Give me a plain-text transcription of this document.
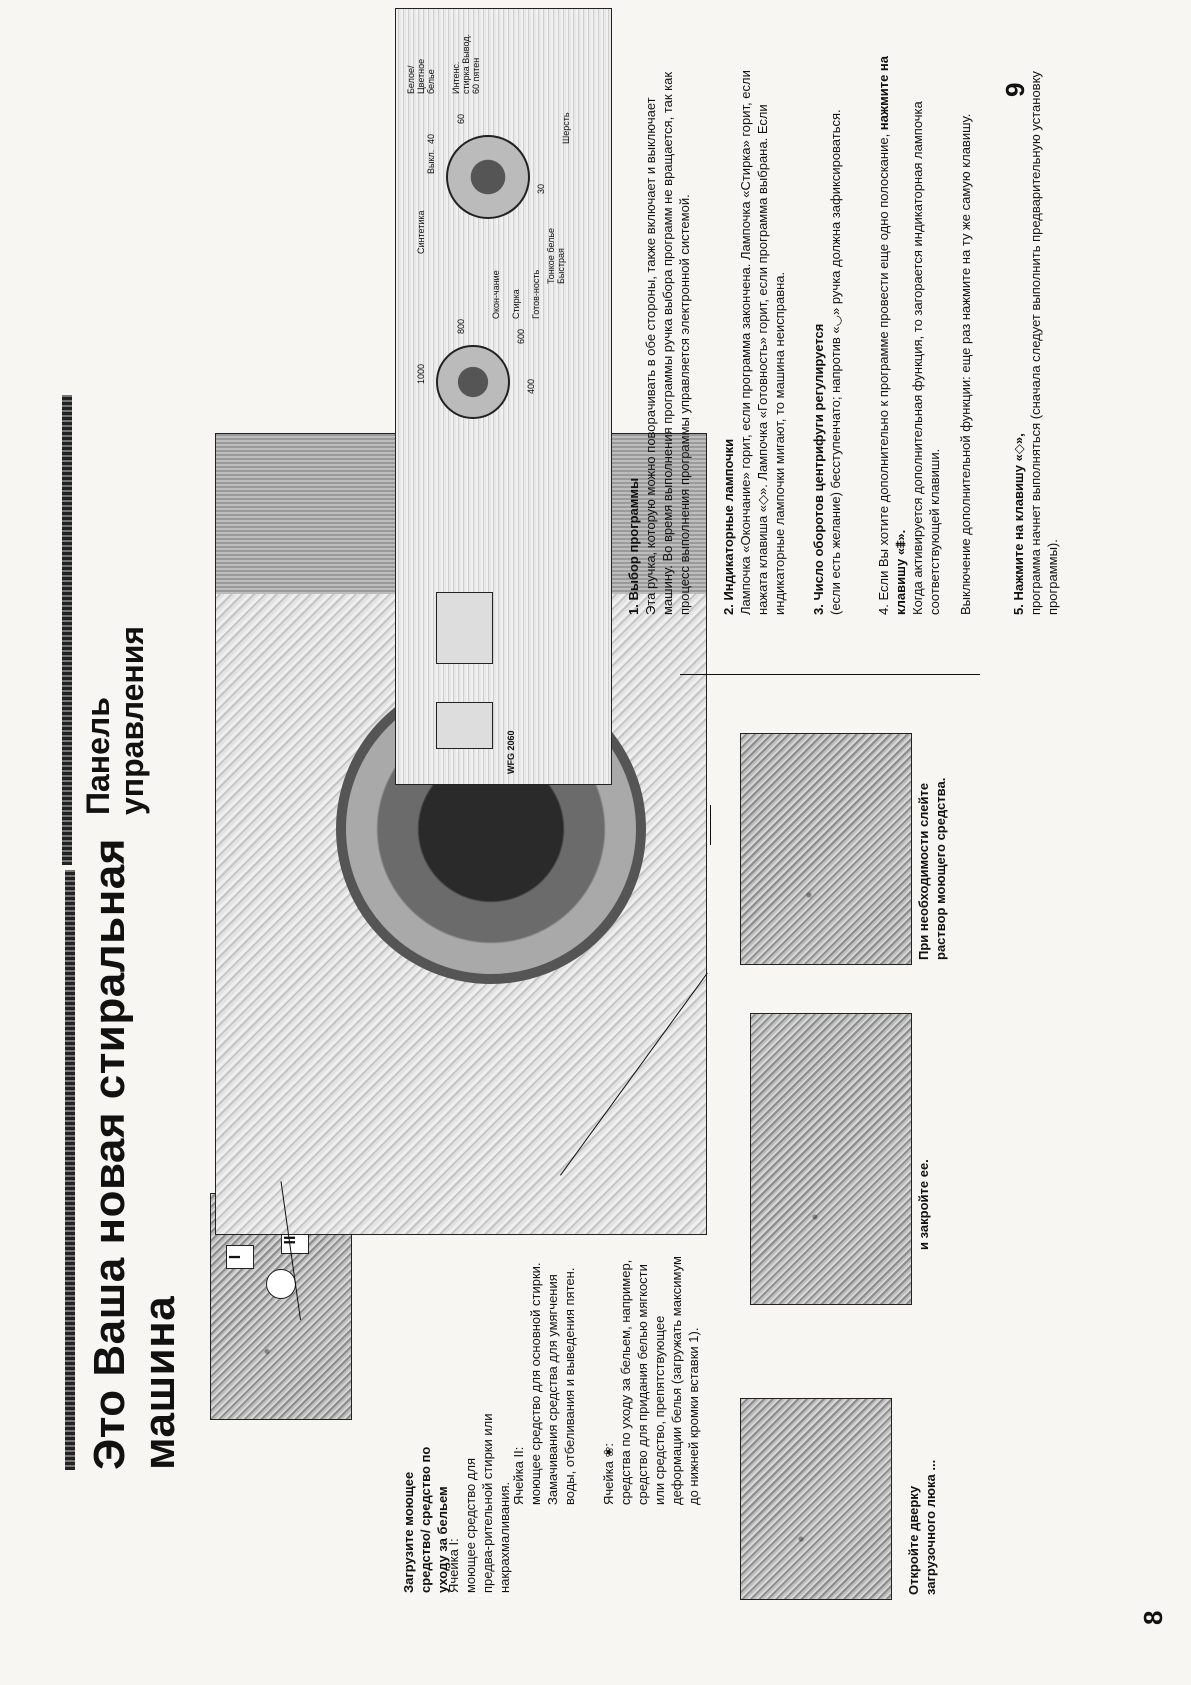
8
Это Ваша новая стиральная машина
I
II
Загрузите моющее средство/ средство по уходу за бельем
Ячейка I: моющее средство для предва-рительной стирки или накрахмаливания.
Ячейка II: моющее средство для основной стирки. Замачивания средства для умягчения воды, отбеливания и выведения пятен. Ячейка ❀: средства по уходу за бельем, например, средство для придания белью мягкости или средство, препятствующее деформации белья (загружать максимум до нижней кромки вставки 1).
Откройте дверку загрузочного люка ...
и закройте ее.
При необходимости слейте раствор моющего средства.
9
Панель
управления	WFG 2060
1000
800
600
400
Окон-чание Стирка Готов-ность
Синтетика
Белое/Цветное белье
Выкл.
Интенс. стирка Вывод. 60 пятен
Тонкое белье Быстрая
Шерсть
30
40
60
1. Выбор программы Эта ручка, которую можно поворачивать в обе стороны, также включает и выключает машину. Во время выполнения программы ручка выбора программ не вращается, так как процесс выполнения программы управляется электронной системой. 2. Индикаторные лампочки Лампочка «Окончание» горит, если программа закончена. Лампочка «Стирка» горит, если нажата клавиша «◇». Лампочка «Готовность» горит, если программа выбрана. Если индикаторные лампочки мигают, то машина неисправна. 3. Число оборотов центрифуги регулируется (если есть желание) бесступенчато; напротив «◡» ручка должна зафиксироваться.	4. Если Вы хотите дополнительно к программе провести еще одно полоскание, нажмите на клавишу «⩨». Когда активируется дополнительная функция, то загорается индикаторная лампочка соответствующей клавиши. Выключение дополнительной функции: еще раз нажмите на ту же самую клавишу.	5. Нажмите на клавишу «◇», программа начнет выполняться (сначала следует выполнить предварительную установку программы).
